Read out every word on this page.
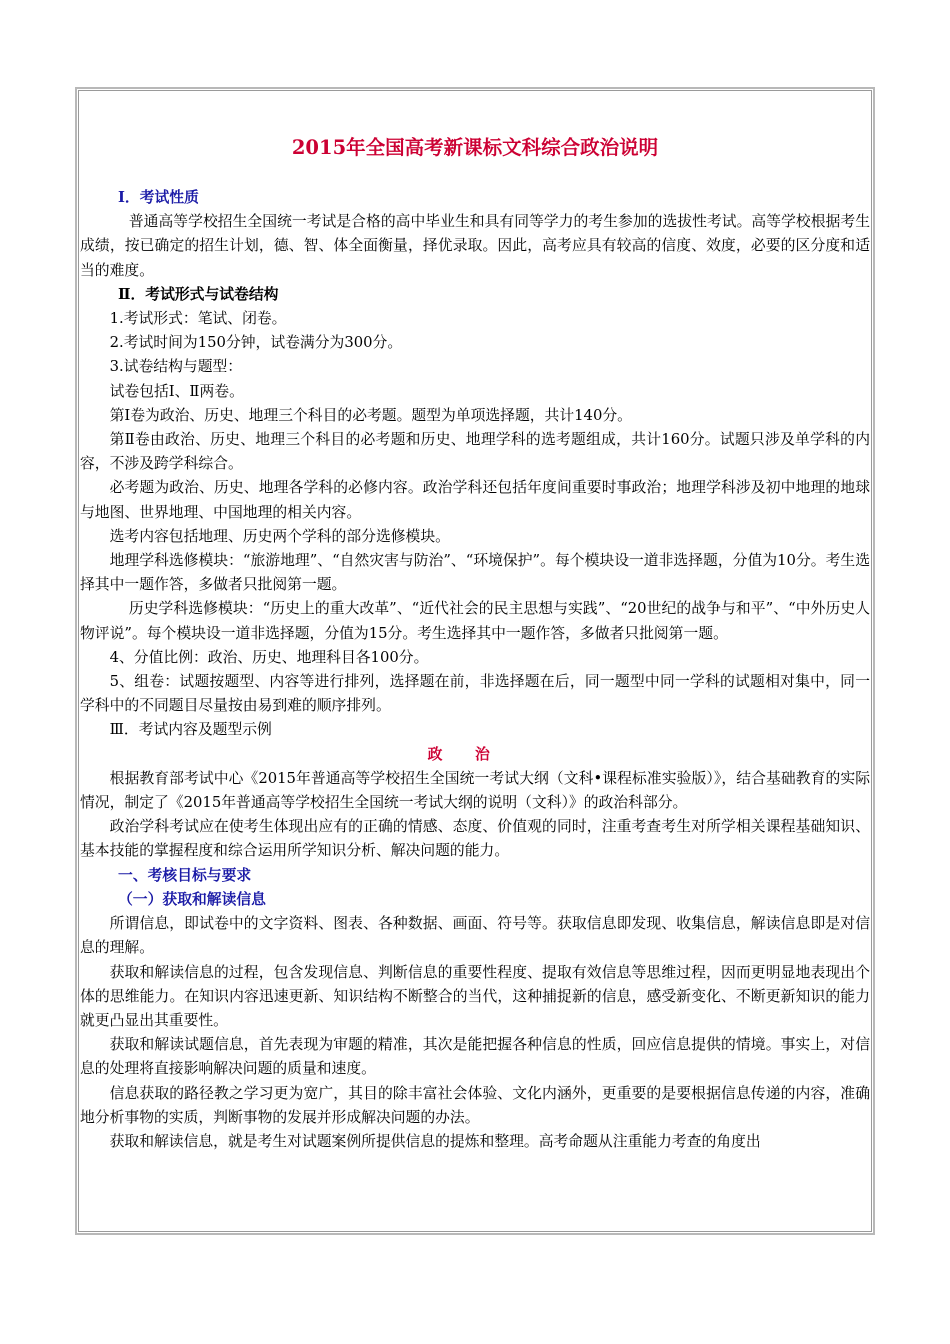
2015年全国高考新课标文科综合政治说明

Ⅰ．考试性质

普通高等学校招生全国统一考试是合格的高中毕业生和具有同等学力的考生参加的选拔性考试。高等学校根据考生成绩，按已确定的招生计划，德、智、体全面衡量，择优录取。因此，高考应具有较高的信度、效度，必要的区分度和适当的难度。

Ⅱ．考试形式与试卷结构

1.考试形式：笔试、闭卷。

2.考试时间为150分钟，试卷满分为300分。

3.试卷结构与题型：

试卷包括Ⅰ、Ⅱ两卷。

第Ⅰ卷为政治、历史、地理三个科目的必考题。题型为单项选择题，共计140分。

第Ⅱ卷由政治、历史、地理三个科目的必考题和历史、地理学科的选考题组成，共计160分。试题只涉及单学科的内容，不涉及跨学科综合。

必考题为政治、历史、地理各学科的必修内容。政治学科还包括年度间重要时事政治；地理学科涉及初中地理的地球与地图、世界地理、中国地理的相关内容。

选考内容包括地理、历史两个学科的部分选修模块。

地理学科选修模块：“旅游地理”、“自然灾害与防治”、“环境保护”。每个模块设一道非选择题，分值为10分。考生选择其中一题作答，多做者只批阅第一题。

历史学科选修模块：“历史上的重大改革”、“近代社会的民主思想与实践”、“20世纪的战争与和平”、“中外历史人物评说”。每个模块设一道非选择题，分值为15分。考生选择其中一题作答，多做者只批阅第一题。

4、分值比例：政治、历史、地理科目各100分。

5、组卷：试题按题型、内容等进行排列，选择题在前，非选择题在后，同一题型中同一学科的试题相对集中，同一学科中的不同题目尽量按由易到难的顺序排列。

Ⅲ．考试内容及题型示例

政治

根据教育部考试中心《2015年普通高等学校招生全国统一考试大纲（文科•课程标准实验版）》，结合基础教育的实际情况，制定了《2015年普通高等学校招生全国统一考试大纲的说明（文科）》的政治科部分。

政治学科考试应在使考生体现出应有的正确的情感、态度、价值观的同时，注重考查考生对所学相关课程基础知识、基本技能的掌握程度和综合运用所学知识分析、解决问题的能力。

一、考核目标与要求

（一）获取和解读信息

所谓信息，即试卷中的文字资料、图表、各种数据、画面、符号等。获取信息即发现、收集信息，解读信息即是对信息的理解。

获取和解读信息的过程，包含发现信息、判断信息的重要性程度、提取有效信息等思维过程，因而更明显地表现出个体的思维能力。在知识内容迅速更新、知识结构不断整合的当代，这种捕捉新的信息，感受新变化、不断更新知识的能力就更凸显出其重要性。

获取和解读试题信息，首先表现为审题的精准，其次是能把握各种信息的性质，回应信息提供的情境。事实上，对信息的处理将直接影响解决问题的质量和速度。

信息获取的路径教之学习更为宽广，其目的除丰富社会体验、文化内涵外，更重要的是要根据信息传递的内容，准确地分析事物的实质，判断事物的发展并形成解决问题的办法。

获取和解读信息，就是考生对试题案例所提供信息的提炼和整理。高考命题从注重能力考查的角度出
